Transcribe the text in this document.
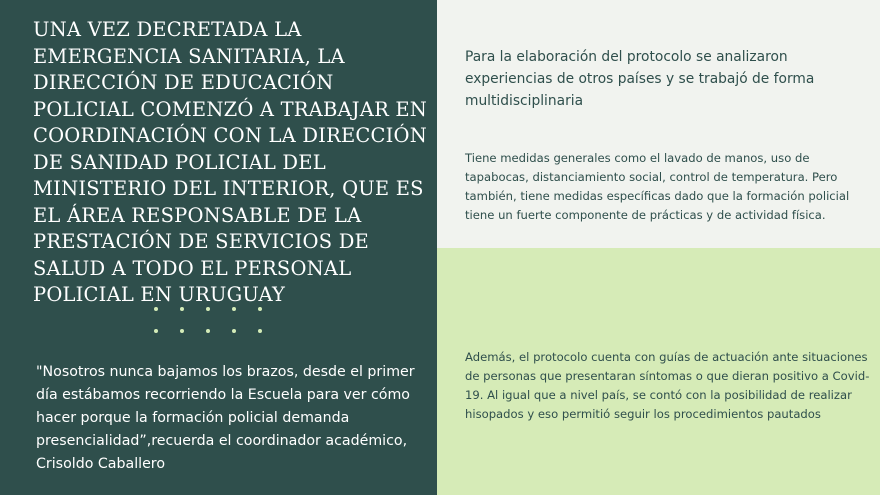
UNA VEZ DECRETADA LA EMERGENCIA SANITARIA, LA DIRECCIÓN DE EDUCACIÓN POLICIAL COMENZÓ A TRABAJAR EN COORDINACIÓN CON LA DIRECCIÓN DE SANIDAD POLICIAL DEL MINISTERIO DEL INTERIOR, QUE ES EL ÁREA RESPONSABLE DE LA PRESTACIÓN DE SERVICIOS DE SALUD A TODO EL PERSONAL POLICIAL EN URUGUAY

"Nosotros nunca bajamos los brazos, desde el primer día estábamos recorriendo la Escuela para ver cómo hacer porque la formación policial demanda presencialidad”,recuerda el coordinador académico, Crisoldo Caballero

Para la elaboración del protocolo se analizaron experiencias de otros países y se trabajó de forma multidisciplinaria

Tiene medidas generales como el lavado de manos, uso de tapabocas, distanciamiento social, control de temperatura. Pero también, tiene medidas específicas dado que la formación policial tiene un fuerte componente de prácticas y de actividad física.

Además, el protocolo cuenta con guías de actuación ante situaciones de personas que presentaran síntomas o que dieran positivo a Covid-19. Al igual que a nivel país, se contó con la posibilidad de realizar hisopados y eso permitió seguir los procedimientos pautados
